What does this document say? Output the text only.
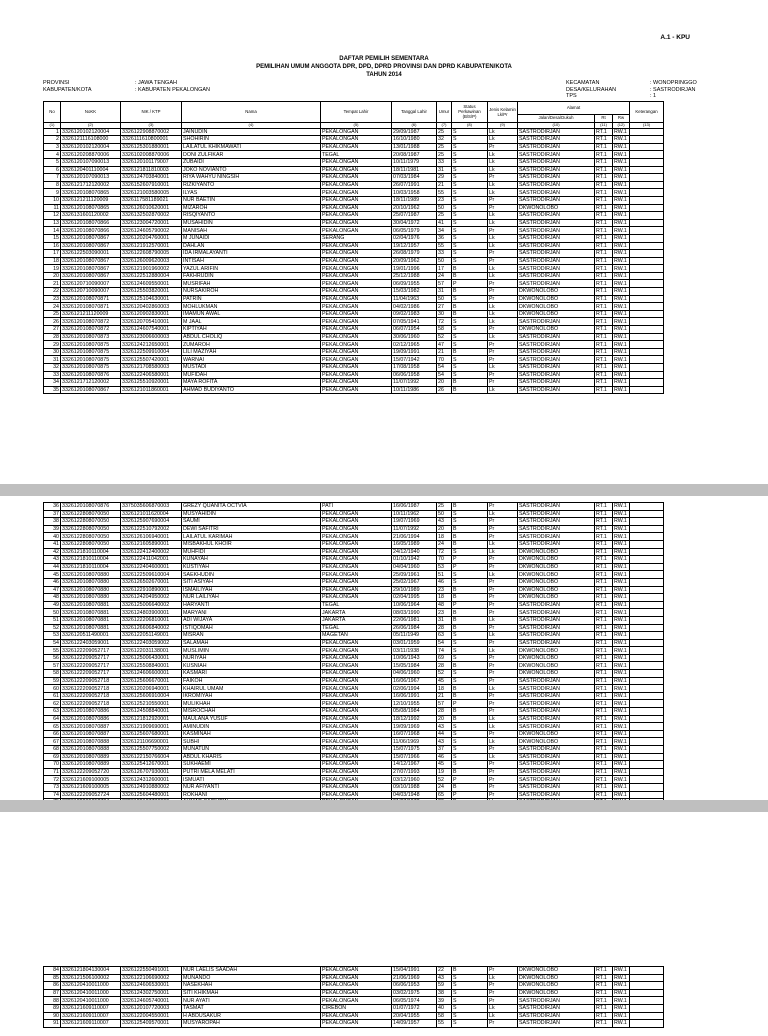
A.1 - KPU
DAFTAR PEMILIH SEMENTARA
PEMILIHAN UMUM ANGGOTA DPR, DPD, DPRD PROVINSI DAN DPRD KABUPATEN/KOTA
TAHUN 2014
PROVINSI	: JAWA TENGAH
KABUPATEN/KOTA	: KABUPATEN PEKALONGAN
KECAMATAN	: WONOPRINGGO
DESA/KELURAHAN	: SASTRODIRJAN
TPS	: 1
No	NoKK	NIK / KTP	Nama	Tempat Lahir	Tanggal Lahir	Umur	Status Perkawinan (B/S/P)	Jenis Kelamin Lk/Pr	Alamat			Keterangan
									Jalan/Desa/Dukuh	Rt	Rw	
(1)	(2)	(3)	(4)	(5)	(6)	(7)	(8)	(9)	(10)	(11)	(12)	(13)
1	3326120102120004	3326122908870002	JAINUDIN	PEKALONGAN	29/09/1987	25	S	Lk	SASTRODIRJAN	RT.1	RW.1	
2	3326121116108000	3326111610800001	SHOHIRIN	PEKALONGAN	16/10/1980	32	S	Lk	SASTRODIRJAN	RT.1	RW.1	
3	3326120102120004	3326125301880001	LAILATUL KHIKMAWATI	PEKALONGAN	13/01/1988	25	S	Pr	SASTRODIRJAN	RT.1	RW.1	
4	3326120208870006	3326102008870006	DONI ZULFIKAR	TEGAL	20/08/1987	25	S	Lk	SASTRODIRJAN	RT.1	RW.1	
5	3326120107090013	3326120101179007	ZUBAIDI	PEKALONGAN	10/11/1979	33	S	Lk	SASTRODIRJAN	RT.1	RW.1	
6	3326120401110004	3326121811810003	JOKO NOVIANTO	PEKALONGAN	18/11/1981	31	S	Lk	SASTRODIRJAN	RT.1	RW.1	
7	3326120107090013	3326124703840001	RIYA WAHYU NINGSIH	PEKALONGAN	07/03/1984	29	S	Pr	SASTRODIRJAN	RT.1	RW.1	
8	3326121712120002	3326152607910001	RIZKIYANTO	PEKALONGAN	26/07/1991	21	S	Lk	SASTRODIRJAN	RT.1	RW.1	
9	3326120108070865	3326121003580005	ILYAS	PEKALONGAN	10/03/1958	55	S	Lk	SASTRODIRJAN	RT.1	RW.1	
10	3326121211120009	3326117581189021	NUR BAETIN	PEKALONGAN	18/11/1989	23	S	Pr	SASTRODIRJAN	RT.1	RW.1	
11	3326120108070865	3326126010620001	MIZAROH	PEKALONGAN	20/10/1962	50	S	Pr	DKWONOLOBO	RT.1	RW.1	
12	3326131601120002	3326132502870002	RISQIYANTO	PEKALONGAN	25/07/1987	25	S	Lk	SASTRODIRJAN	RT.1	RW.1	
13	3326120108070866	3326123004720001	MUSAHIDIN	PEKALONGAN	30/04/1972	41	S	Lk	SASTRODIRJAN	RT.1	RW.1	
14	3326120108070866	3326124605790002	MANISAH	PEKALONGAN	06/05/1979	34	S	Pr	SASTRODIRJAN	RT.1	RW.1	
15	3326120108070867	3326120204760001	M JUNAIDI	SERANG	02/04/1976	36	S	Lk	SASTRODIRJAN	RT.1	RW.1	
16	3326120108070867	3326121912570001	DAHLAN	PEKALONGAN	19/12/1957	55	S	Lk	SASTRODIRJAN	RT.1	RW.1	
17	3326122503090001	3326122608790005	IDA IRMALAYANTI	PEKALONGAN	26/08/1979	33	S	Pr	SASTRODIRJAN	RT.1	RW.1	
18	3326120108070867	3326126009620003	INTISAH	PEKALONGAN	20/09/1962	50	S	Pr	SASTRODIRJAN	RT.1	RW.1	
19	3326120108070867	3326121901960002	YAZUL ARIFIN	PEKALONGAN	19/01/1996	17	B	Lk	SASTRODIRJAN	RT.1	RW.1	
20	3326120108070867	3326122512880004	FAKHRUDIN	PEKALONGAN	25/12/1988	24	B	Lk	SASTRODIRJAN	RT.1	RW.1	
21	3326120710090007	3326124609550001	MUSRIFAH	PEKALONGAN	06/09/1955	57	P	Pr	SASTRODIRJAN	RT.1	RW.1	
22	3326120710090007	3326125503820001	NURSAKIROH	PEKALONGAN	15/03/1982	31	B	Pr	DKWONOLOBO	RT.1	RW.1	
23	3326120108070871	3326125104630001	PATRIN	PEKALONGAN	11/04/1963	50	S	Pr	DKWONOLOBO	RT.1	RW.1	
24	3326120108070871	3326120402860003	MOHLUKMAN	PEKALONGAN	04/02/1986	27	B	Lk	DKWONOLOBO	RT.1	RW.1	
25	3326121211120009	3326120902830001	IMAMUN AWAL	PEKALONGAN	09/02/1983	30	B	Lk	DKWONOLOBO	RT.1	RW.1	
26	3326120108070872	3326120705410001	M JAAL	PEKALONGAN	07/05/1941	72	S	Lk	SASTRODIRJAN	RT.1	RW.1	
27	3326120108070872	3326124607540001	KIPTIYAH	PEKALONGAN	06/07/1954	58	S	Pr	DKWONOLOBO	RT.1	RW.1	
28	3326120108070873	3326123006600003	ABDUL CHOLIQ	PEKALONGAN	30/06/1960	52	S	Lk	SASTRODIRJAN	RT.1	RW.1	
29	3326120108070875	3326124212650001	ZUMAROH	PEKALONGAN	02/12/1965	47	S	Pr	SASTRODIRJAN	RT.1	RW.1	
30	3326120108070875	3326122509910004	LILI MAZIYAH	PEKALONGAN	19/09/1991	21	B	Pr	SASTRODIRJAN	RT.1	RW.1	
31	3326120108070875	3326125507420001	WARNAI	PEKALONGAN	15/07/1942	70	S	Pr	SASTRODIRJAN	RT.1	RW.1	
32	3326120108070875	3326121708580003	MUSTADI	PEKALONGAN	17/08/1958	54	S	Lk	SASTRODIRJAN	RT.1	RW.1	
33	3326120108070876	3326122406580001	MUFIDAH	PEKALONGAN	06/06/1958	54	S	Pr	SASTRODIRJAN	RT.1	RW.1	
34	3326121712120002	3326125510920001	MAYA ROFITA	PEKALONGAN	11/07/1992	20	B	Pr	SASTRODIRJAN	RT.1	RW.1	
35	3326120108070867	3326121011860001	AHMAD BUDIYANTO	PEKALONGAN	10/11/1986	26	B	Lk	SASTRODIRJAN	RT.1	RW.1	
36	3326120108070876	3375035606870003	GREZY QUANITA OCTVIA	PATI	16/06/1987	25	B	Pr	SASTRODIRJAN	RT.1	RW.1	
37	3326122808070050	3326121011620004	MUSYAHIDIN	PEKALONGAN	10/11/1962	50	S	Lk	SASTRODIRJAN	RT.1	RW.1	
38	3326122808070050	3326125907690004	SAUMI	PEKALONGAN	19/07/1969	43	S	Pr	SASTRODIRJAN	RT.1	RW.1	
39	3326122808070050	3326122510792002	DEWI SAFITRI	PEKALONGAN	11/07/1992	20	B	Pr	SASTRODIRJAN	RT.1	RW.1	
40	3326122808070050	3326126106940001	LAILATUL KARIMAH	PEKALONGAN	21/06/1994	18	B	Pr	SASTRODIRJAN	RT.1	RW.1	
41	3326122808070050	3326121605890001	MISBAKHUL KHOIR	PEKALONGAN	16/05/1989	24	B	Lk	SASTRODIRJAN	RT.1	RW.1	
42	3326121810110004	3326122412400002	MUHFIDI	PEKALONGAN	24/12/1940	72	S	Lk	DKWONOLOBO	RT.1	RW.1	
43	3326121810110004	3326122411042001	KUNAYAH	PEKALONGAN	01/10/1942	70	P	Pr	DKWONOLOBO	RT.1	RW.1	
44	3326121810110004	3326122404600001	KUSTIYAH	PEKALONGAN	04/04/1960	53	P	Pr	DKWONOLOBO	RT.1	RW.1	
45	3326120108070880	3326122509610004	SAEKHUDIN	PEKALONGAN	25/09/1961	51	S	Lk	DKWONOLOBO	RT.1	RW.1	
46	3326120108070880	3326126502670001	SITI ASIYAH	PEKALONGAN	25/02/1967	46	S	Pr	DKWONOLOBO	RT.1	RW.1	
47	3326120108070880	3326122910890001	ISMAILIYAH	PEKALONGAN	29/10/1989	23	B	Pr	DKWONOLOBO	RT.1	RW.1	
48	3326120108070880	3326124204950002	NUR LAILIYAH	PEKALONGAN	02/04/1995	18	B	Pr	DKWONOLOBO	RT.1	RW.1	
49	3326120108070881	3326125006640002	HARYANTI	TEGAL	10/06/1964	48	P	Pr	SASTRODIRJAN	RT.1	RW.1	
50	3326120108070881	3326124803900001	MARYANI	JAKARTA	08/03/1990	23	B	Pr	SASTRODIRJAN	RT.1	RW.1	
51	3326120108070881	3326122206810001	ADI WIJAYA	JAKARTA	22/06/1981	31	B	Lk	SASTRODIRJAN	RT.1	RW.1	
52	3326120108070881	3326126606840002	ISTIQOMAH	TEGAL	26/06/1984	28	B	Pr	SASTRODIRJAN	RT.1	RW.1	
53	3326120511490001	3326122051149001	MISRAN	MAGETAN	05/11/1949	63	S	Lk	SASTRODIRJAN	RT.1	RW.1	
54	3326122403059001	3326122403059002	SALAMAH	PEKALONGAN	03/01/1959	54	S	Pr	SASTRODIRJAN	RT.1	RW.1	
55	3326122209052717	3326122031138001	MUSLIMIN	PEKALONGAN	03/11/1938	74	S	Lk	DKWONOLOBO	RT.1	RW.1	
56	3326122209052717	3326125006430001	NURIYAH	PEKALONGAN	10/06/1943	69	S	Pr	DKWONOLOBO	RT.1	RW.1	
57	3326122209052717	3326125508840001	KUSNIAH	PEKALONGAN	15/05/1984	28	B	Pr	DKWONOLOBO	RT.1	RW.1	
58	3326122209052717	3326124606600001	KASMARI	PEKALONGAN	04/06/1960	52	S	Pr	DKWONOLOBO	RT.1	RW.1	
59	3326122209052718	3326125606670001	FAIKOH	PEKALONGAN	16/06/1967	45	S	Pr	SASTRODIRJAN	RT.1	RW.1	
60	3326122209052718	3326120206940001	KHAIRUL UMAM	PEKALONGAN	02/06/1994	18	B	Lk	SASTRODIRJAN	RT.1	RW.1	
61	3326122209052718	3326125606910004	IKROMIYAH	PEKALONGAN	16/06/1991	21	B	Pr	SASTRODIRJAN	RT.1	RW.1	
62	3326122209052718	3326125210550001	MULIKHAH	PEKALONGAN	12/10/1955	57	P	Pr	SASTRODIRJAN	RT.1	RW.1	
63	3326120108070886	3326124508840001	MISROCHAH	PEKALONGAN	05/08/1984	28	B	Pr	SASTRODIRJAN	RT.1	RW.1	
64	3326120108070886	3326121812920001	MAULANA YUSUF	PEKALONGAN	18/12/1992	20	B	Lk	SASTRODIRJAN	RT.1	RW.1	
65	3326120108070887	3326121909690001	AMINUDIN	PEKALONGAN	19/09/1969	43	S	Lk	SASTRODIRJAN	RT.1	RW.1	
66	3326120108070887	3326125607680001	KASMINAH	PEKALONGAN	16/07/1968	44	S	Pr	DKWONOLOBO	RT.1	RW.1	
67	3326120108070888	3326121106690001	SUBHI	PEKALONGAN	11/06/1969	43	S	Lk	DKWONOLOBO	RT.1	RW.1	
68	3326120108070888	3326125507750002	MUNATUN	PEKALONGAN	15/07/1975	37	S	Pr	SASTRODIRJAN	RT.1	RW.1	
69	3326120108070889	3326122150766004	ABDUL KHARIS	PEKALONGAN	15/07/1966	46	S	Lk	SASTRODIRJAN	RT.1	RW.1	
70	3326120108070889	3326125412670001	SUKHAEMI	PEKALONGAN	14/12/1967	45	S	Pr	SASTRODIRJAN	RT.1	RW.1	
71	3326122209052720	3326126707930001	PUTRI MELA MELATI	PEKALONGAN	27/07/1993	19	B	Pr	SASTRODIRJAN	RT.1	RW.1	
72	3326121609100005	3326124312600001	ISMUATI	PEKALONGAN	03/12/1960	52	P	Pr	SASTRODIRJAN	RT.1	RW.1	
73	3326121609100005	3326124910880002	NUR AFIYANTI	PEKALONGAN	09/10/1988	24	B	Pr	SASTRODIRJAN	RT.1	RW.1	
74	3326122209052724	3326125604480001	ROKHANI	PEKALONGAN	04/03/1948	65	P	Pr	SASTRODIRJAN	RT.1	RW.1	

84	3326121804130004	3326122550491001	NUR LAELIS SAADAH	PEKALONGAN	15/04/1991	22	B	Pr	DKWONOLOBO	RT.1	RW.1	
85	3326121506100002	3326122106690002	MUNANDO	PEKALONGAN	21/06/1969	43	S	Lk	DKWONOLOBO	RT.1	RW.1	
86	3326120410011000	3326124606530001	NASEKHAH	PEKALONGAN	06/06/1953	59	S	Pr	DKWONOLOBO	RT.1	RW.1	
87	3326120410011000	3326124302750001	SITI KHIKMAH	PEKALONGAN	03/02/1975	38	S	Pr	DKWONOLOBO	RT.1	RW.1	
88	3326120410011000	3326124605740001	NUR AYATI	PEKALONGAN	06/05/1974	39	S	Pr	SASTRODIRJAN	RT.1	RW.1	
89	3326121609110007	3326120107720003	TASMAT	CIREBON	01/07/1972	40	S	Lk	SASTRODIRJAN	RT.1	RW.1	
90	3326121609110007	3326122004550001	H ABDUSAKUR	PEKALONGAN	20/04/1955	58	S	Lk	SASTRODIRJAN	RT.1	RW.1	
91	3326121609110007	3326125409570001	MUSYAROPAH	PEKALONGAN	14/09/1957	55	S	Pr	SASTRODIRJAN	RT.1	RW.1	
